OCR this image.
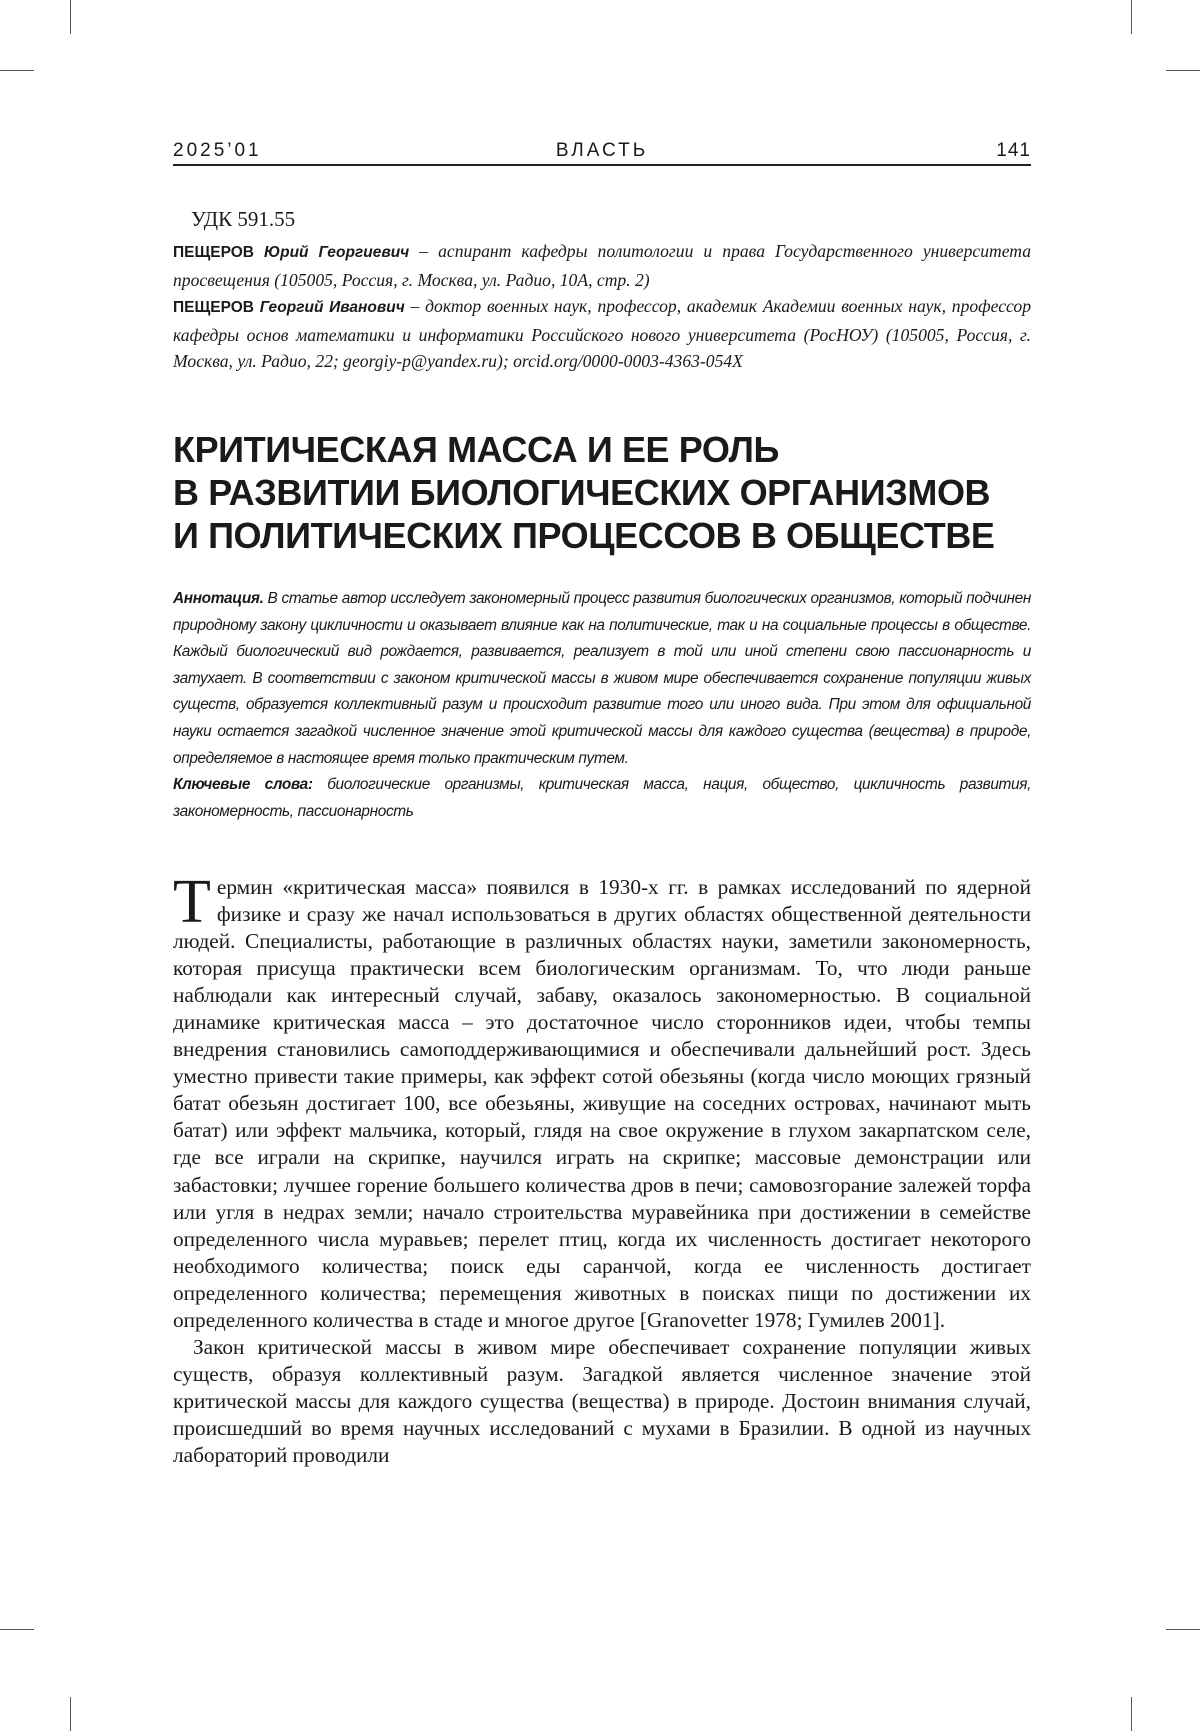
ВЛАСТЬ
2025’01	141
УДК 591.55

ПЕЩЕРОВ Юрий Георгиевич – аспирант кафедры политологии и права Государственного университета просвещения (105005, Россия, г. Москва, ул. Радио, 10А, стр. 2)

ПЕЩЕРОВ Георгий Иванович – доктор военных наук, профессор, академик Академии военных наук, профессор кафедры основ математики и информатики Российского нового университета (РосНОУ) (105005, Россия, г. Москва, ул. Радио, 22; georgiy-p@yandex.ru); orcid.org/0000-0003-4363-054X

КРИТИЧЕСКАЯ МАССА И ЕЕ РОЛЬ
В РАЗВИТИИ БИОЛОГИЧЕСКИХ ОРГАНИЗМОВ
И ПОЛИТИЧЕСКИХ ПРОЦЕССОВ В ОБЩЕСТВЕ

Аннотация. В статье автор исследует закономерный процесс развития биологических организмов, который подчинен природному закону цикличности и оказывает влияние как на политические, так и на социальные процессы в обществе. Каждый биологический вид рождается, развивается, реализует в той или иной степени свою пассионарность и затухает. В соответствии с законом критической массы в живом мире обеспечивается сохранение популяции живых существ, образуется коллективный разум и происходит развитие того или иного вида. При этом для официальной науки остается загадкой численное значение этой критической массы для каждого существа (вещества) в природе, определяемое в настоящее время только практическим путем.

Ключевые слова: биологические организмы, критическая масса, нация, общество, цикличность развития, закономерность, пассионарность

Т ермин «критическая масса» появился в 1930-х гг. в рамках исследований по ядерной физике и сразу же начал использоваться в других областях общественной деятельности людей. Специалисты, работающие в различных областях науки, заметили закономерность, которая присуща практически всем биологическим организмам. То, что люди раньше наблюдали как интересный случай, забаву, оказалось закономерностью. В социальной динамике критическая масса – это достаточное число сторонников идеи, чтобы темпы внедрения становились самоподдерживающимися и обеспечивали дальнейший рост. Здесь уместно привести такие примеры, как эффект сотой обезьяны (когда число моющих грязный батат обезьян достигает 100, все обезьяны, живущие на соседних островах, начинают мыть батат) или эффект мальчика, который, глядя на свое окружение в глухом закарпатском селе, где все играли на скрипке, научился играть на скрипке; массовые демонстрации или забастовки; лучшее горение большего количества дров в печи; самовозгорание залежей торфа или угля в недрах земли; начало строительства муравейника при достижении в семействе определенного числа муравьев; перелет птиц, когда их численность достигает некоторого необходимого количества; поиск еды саранчой, когда ее численность достигает определенного количества; перемещения животных в поисках пищи по достижении их определенного количества в стаде и многое другое [Granovetter 1978; Гумилев 2001].

Закон критической массы в живом мире обеспечивает сохранение популяции живых существ, образуя коллективный разум. Загадкой является численное значение этой критической массы для каждого существа (вещества) в природе. Достоин внимания случай, происшедший во время научных исследований с мухами в Бразилии. В одной из научных лабораторий проводили
